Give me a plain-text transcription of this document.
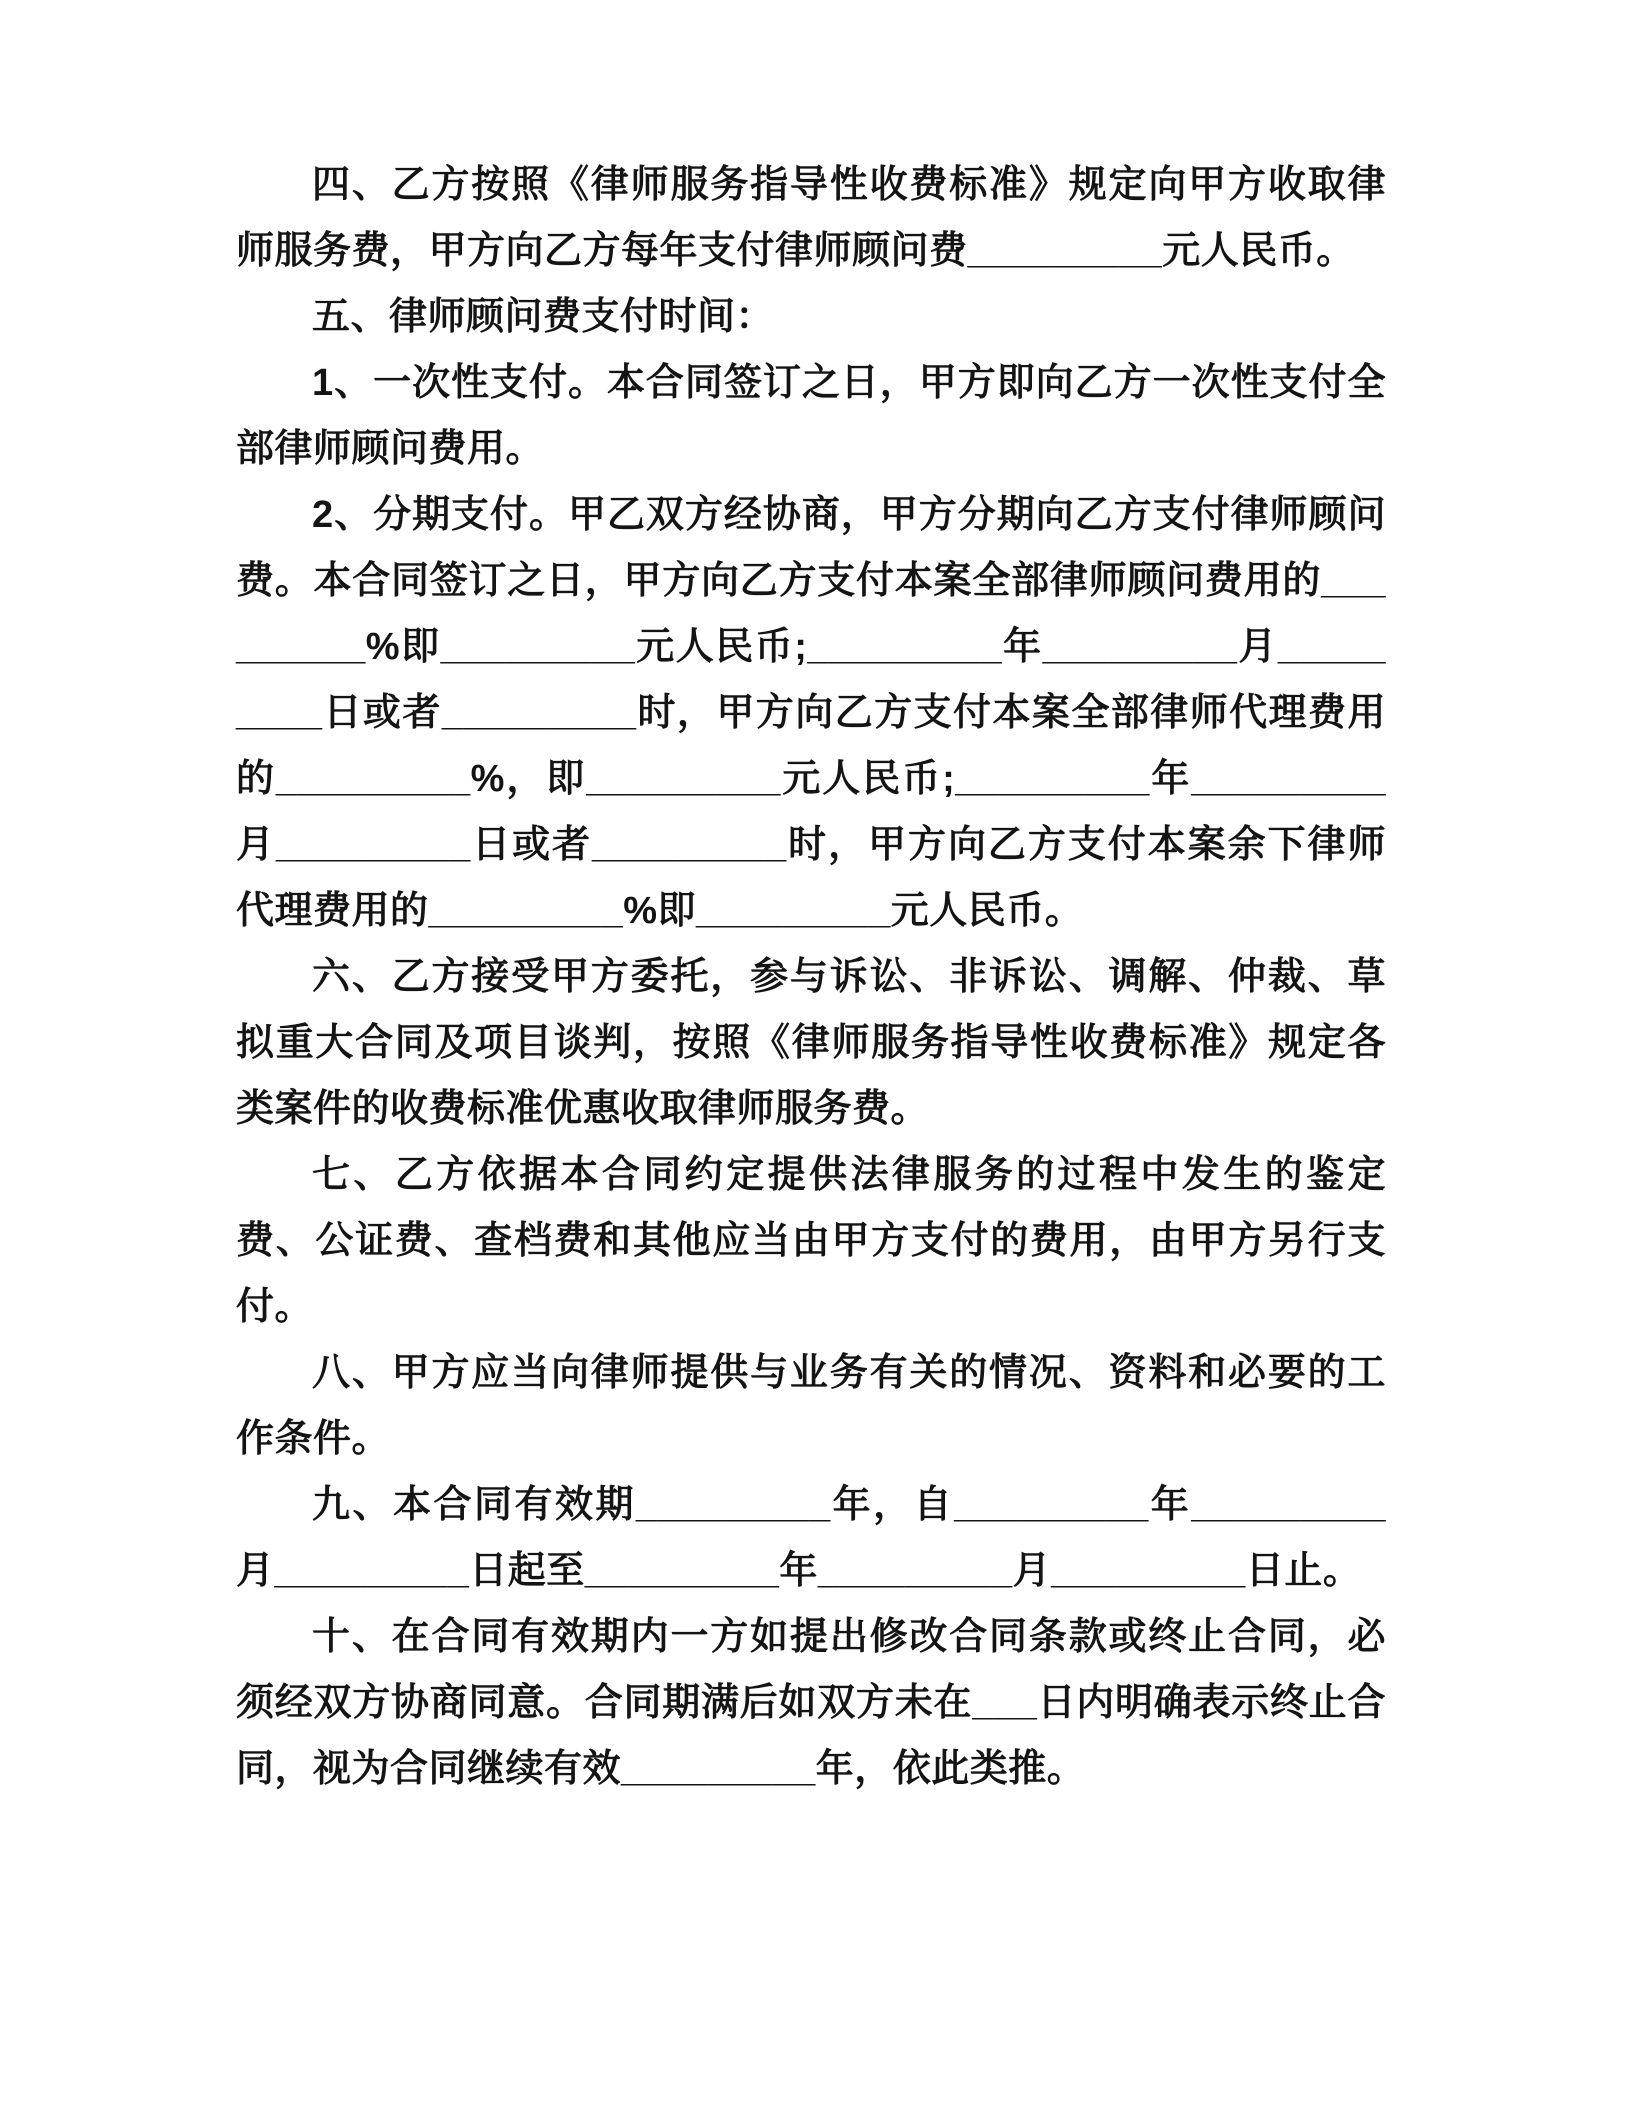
四、乙方按照《律师服务指导性收费标准》规定向甲方收取律师服务费，甲方向乙方每年支付律师顾问费_________元人民币。

五、律师顾问费支付时间：

1、一次性支付。本合同签订之日，甲方即向乙方一次性支付全部律师顾问费用。

2、分期支付。甲乙双方经协商，甲方分期向乙方支付律师顾问费。本合同签订之日，甲方向乙方支付本案全部律师顾问费用的_________%即_________元人民币;_________年_________月_________日或者_________时，甲方向乙方支付本案全部律师代理费用的_________%，即_________元人民币;_________年_________月_________日或者_________时，甲方向乙方支付本案余下律师代理费用的_________%即_________元人民币。

六、乙方接受甲方委托，参与诉讼、非诉讼、调解、仲裁、草拟重大合同及项目谈判，按照《律师服务指导性收费标准》规定各类案件的收费标准优惠收取律师服务费。

七、乙方依据本合同约定提供法律服务的过程中发生的鉴定费、公证费、查档费和其他应当由甲方支付的费用，由甲方另行支付。

八、甲方应当向律师提供与业务有关的情况、资料和必要的工作条件。

九、本合同有效期_________年，自_________年_________月_________日起至_________年_________月_________日止。

十、在合同有效期内一方如提出修改合同条款或终止合同，必须经双方协商同意。合同期满后如双方未在___日内明确表示终止合同，视为合同继续有效_________年，依此类推。
